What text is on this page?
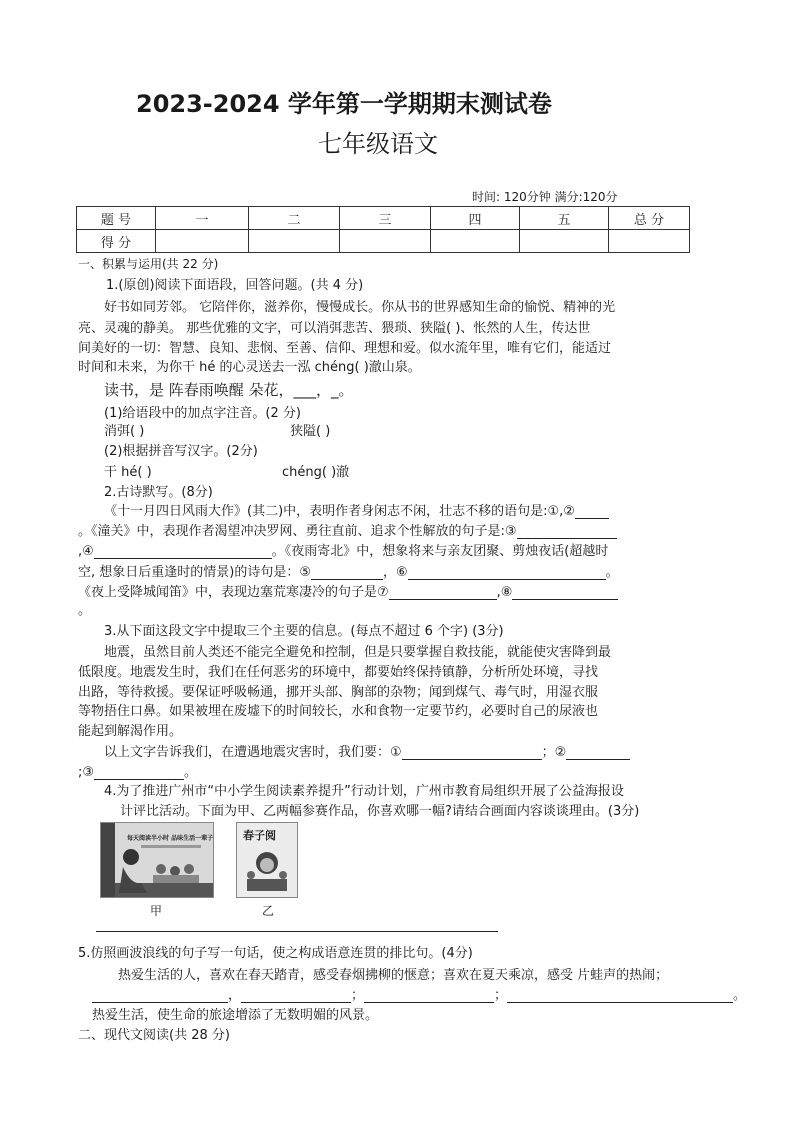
2023-2024 学年第一学期期末测试卷
七年级语文
时间: 120分钟 满分:120分
题 号	一	二	三	四	五	总 分
得 分						
一、积累与运用(共 22 分)
1.(原创)阅读下面语段，回答问题。(共 4 分)
好书如同芳邻。 它陪伴你，滋养你，慢慢成长。你从书的世界感知生命的愉悦、精神的光
亮、灵魂的静美。 那些优雅的文字，可以消弭悲苦、猥琐、狭隘( )、怅然的人生，传达世
间美好的一切：智慧、良知、悲悯、至善、信仰、理想和爱。似水流年里，唯有它们，能适过
时间和未来，为你干 hé 的心灵送去一泓 chéng( )澈山泉。
读书，是 阵春雨唤醒 朵花，___，_。
(1)给语段中的加点字注音。(2 分)
消弭( )	狭隘( )
(2)根据拼音写汉字。(2分)
干 hé( )	chéng( )澈
2.古诗默写。(8分)
《十一月四日风雨大作》(其二)中，表明作者身闲志不闲，壮志不移的语句是:①,②
。《潼关》中，表现作者渴望冲决罗网、勇往直前、追求个性解放的句子是:③
,④	。《夜雨寄北》中，想象将来与亲友团聚、剪烛夜话(超越时
空, 想象日后重逢时的情景)的诗句是：⑤	，⑥	。
《夜上受降城闻笛》中，表现边塞荒寒凄冷的句子是⑦	,⑧
。
3.从下面这段文字中提取三个主要的信息。(每点不超过 6 个字) (3分)
地震，虽然目前人类还不能完全避免和控制，但是只要掌握自救技能，就能使灾害降到最
低限度。地震发生时，我们在任何恶劣的环境中，都要始终保持镇静，分析所处环境，寻找
出路，等待救援。要保证呼吸畅通，挪开头部、胸部的杂物；闻到煤气、毒气时，用湿衣服
等物捂住口鼻。如果被埋在废墟下的时间较长，水和食物一定要节约，必要时自己的尿液也
能起到解渴作用。
以上文字告诉我们，在遭遇地震灾害时，我们要：①	；②
;③	。
4.为了推进广州市“中小学生阅读素养提升”行动计划，广州市教育局组织开展了公益海报设
计评比活动。下面为甲、乙两幅参赛作品，你喜欢哪一幅?请结合画面内容谈谈理由。(3分)
每天阅读半小时 品味生活一辈子
甲
春子阅
乙
5.仿照画波浪线的句子写一句话，使之构成语意连贯的排比句。(4分)
热爱生活的人，喜欢在春天踏青，感受春烟拂柳的惬意；喜欢在夏天乘凉，感受 片蛙声的热闹；
，	；	；	。
热爱生活，使生命的旅途增添了无数明媚的风景。
二、现代文阅读(共 28 分)
